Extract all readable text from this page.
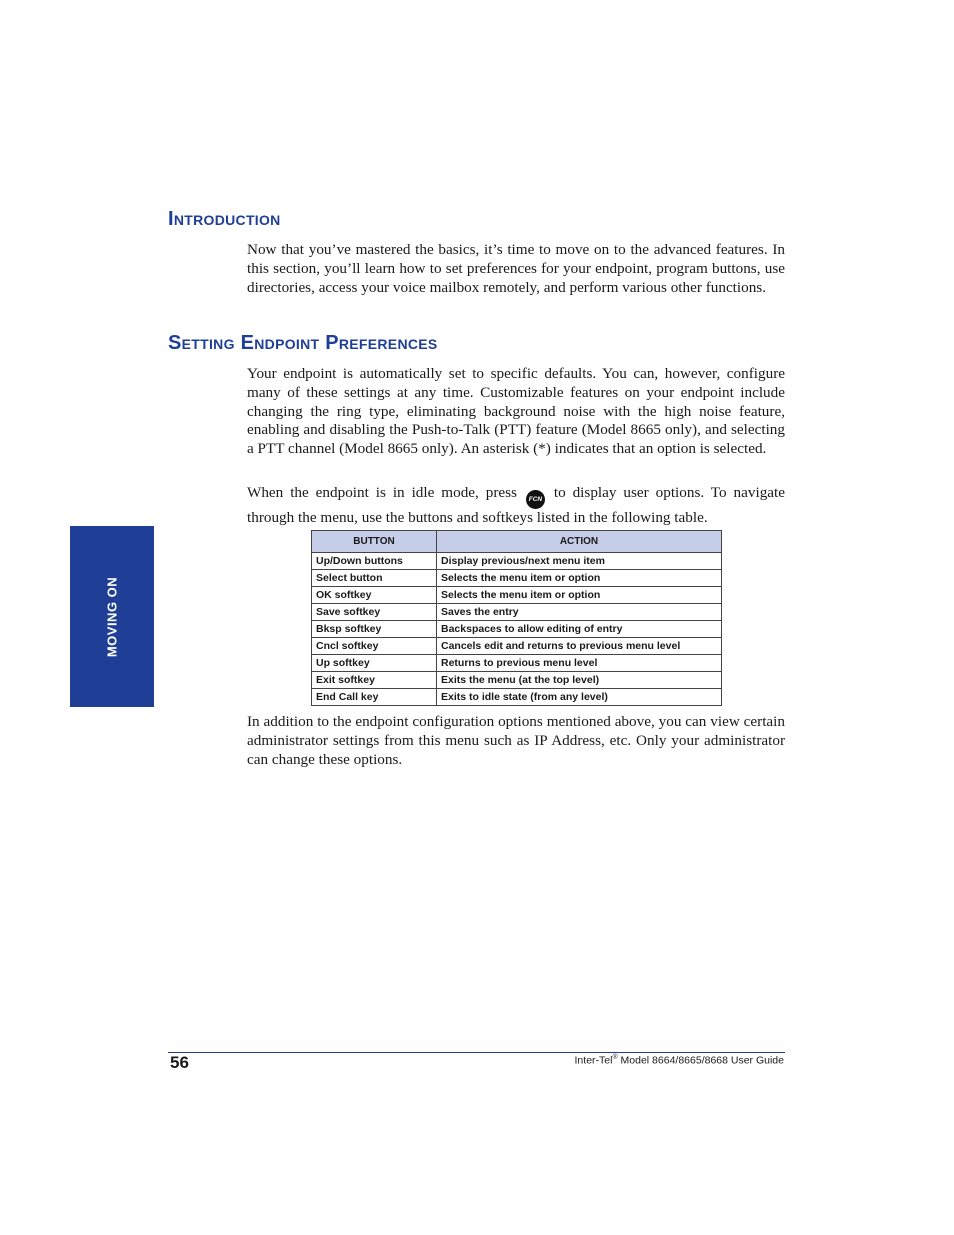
MOVING ON
Introduction

Now that you’ve mastered the basics, it’s time to move on to the advanced features. In this section, you’ll learn how to set preferences for your endpoint, program buttons, use directories, access your voice mailbox remotely, and perform various other functions.

Setting Endpoint Preferences

Your endpoint is automatically set to specific defaults. You can, however, configure many of these settings at any time. Customizable features on your endpoint include changing the ring type, eliminating background noise with the high noise feature, enabling and disabling the Push-to-Talk (PTT) feature (Model 8665 only), and selecting a PTT channel (Model 8665 only). An asterisk (*) indicates that an option is selected.

When the endpoint is in idle mode, press FCN to display user options. To navigate through the menu, use the buttons and softkeys listed in the following table.

BUTTON	ACTION
Up/Down buttons	Display previous/next menu item
Select button	Selects the menu item or option
OK softkey	Selects the menu item or option
Save softkey	Saves the entry
Bksp softkey	Backspaces to allow editing of entry
Cncl softkey	Cancels edit and returns to previous menu level
Up softkey	Returns to previous menu level
Exit softkey	Exits the menu (at the top level)
End Call key	Exits to idle state (from any level)

In addition to the endpoint configuration options mentioned above, you can view certain administrator settings from this menu such as IP Address, etc. Only your administrator can change these options.

56	Inter-Tel® Model 8664/8665/8668 User Guide
